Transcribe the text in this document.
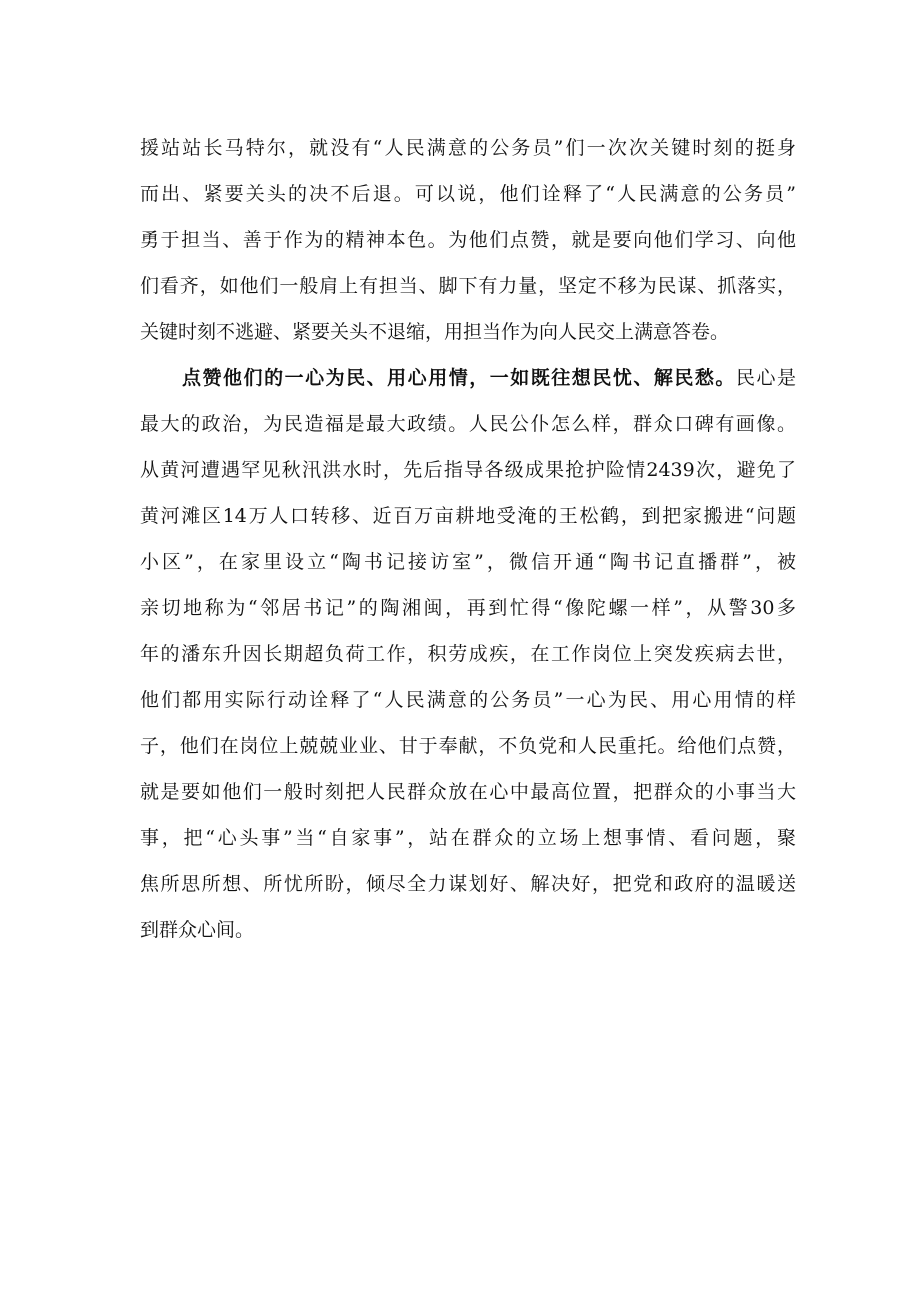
援站站长马特尔，就没有“人民满意的公务员”们一次次关键时刻的挺身
而出、紧要关头的决不后退。可以说，他们诠释了“人民满意的公务员”
勇于担当、善于作为的精神本色。为他们点赞，就是要向他们学习、向他
们看齐，如他们一般肩上有担当、脚下有力量，坚定不移为民谋、抓落实，
关键时刻不逃避、紧要关头不退缩，用担当作为向人民交上满意答卷。
点赞他们的一心为民、用心用情，一如既往想民忧、解民愁。民心是
最大的政治，为民造福是最大政绩。人民公仆怎么样，群众口碑有画像。
从黄河遭遇罕见秋汛洪水时，先后指导各级成果抢护险情2439次，避免了
黄河滩区14万人口转移、近百万亩耕地受淹的王松鹤，到把家搬进“问题
小区”，在家里设立“陶书记接访室”，微信开通“陶书记直播群”，被
亲切地称为“邻居书记”的陶湘闽，再到忙得“像陀螺一样”，从警30多
年的潘东升因长期超负荷工作，积劳成疾，在工作岗位上突发疾病去世，
他们都用实际行动诠释了“人民满意的公务员”一心为民、用心用情的样
子，他们在岗位上兢兢业业、甘于奉献，不负党和人民重托。给他们点赞，
就是要如他们一般时刻把人民群众放在心中最高位置，把群众的小事当大
事，把“心头事”当“自家事”，站在群众的立场上想事情、看问题，聚
焦所思所想、所忧所盼，倾尽全力谋划好、解决好，把党和政府的温暖送
到群众心间。
